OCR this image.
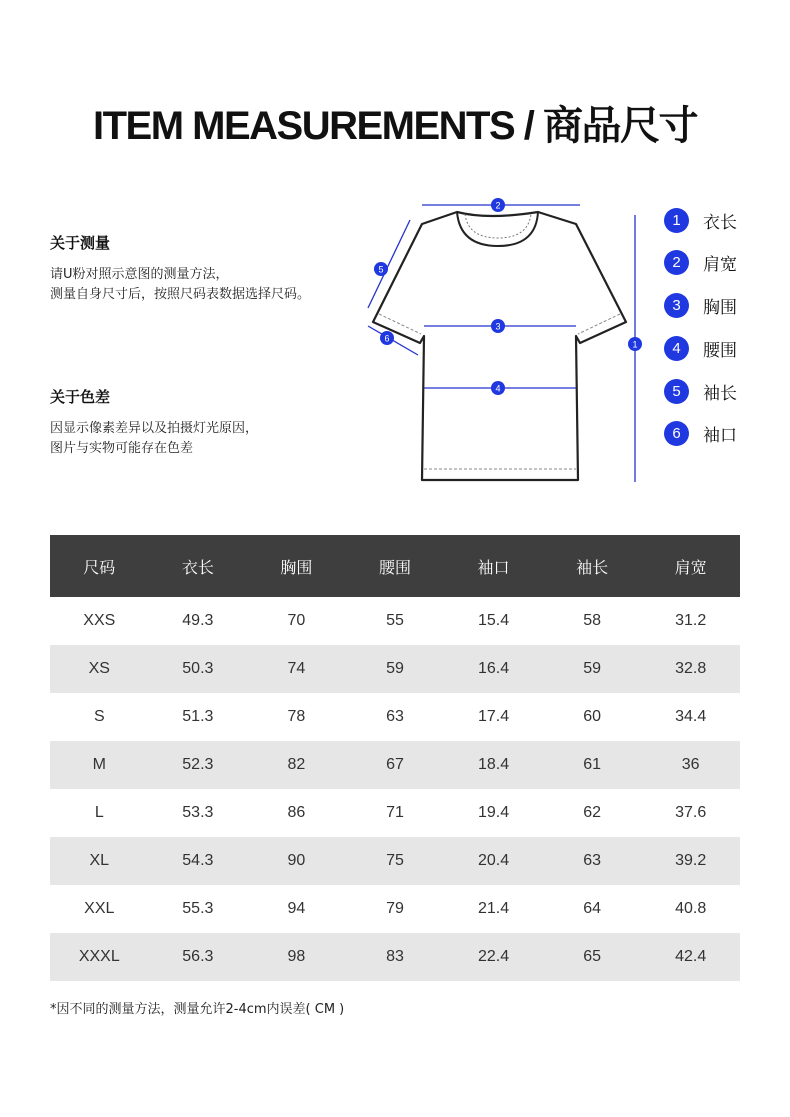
ITEM MEASUREMENTS / 商品尺寸
关于测量
请U粉对照示意图的测量方法，
测量自身尺寸后，按照尺码表数据选择尺码。
关于色差
因显示像素差异以及拍摄灯光原因，
图片与实物可能存在色差
2
3
4
1
5
6
1	衣长
2	肩宽
3	胸围
4	腰围
5	袖长
6	袖口
尺码	衣长	胸围	腰围	袖口	袖长	肩宽
XXS	49.3	70	55	15.4	58	31.2
XS	50.3	74	59	16.4	59	32.8
S	51.3	78	63	17.4	60	34.4
M	52.3	82	67	18.4	61	36
L	53.3	86	71	19.4	62	37.6
XL	54.3	90	75	20.4	63	39.2
XXL	55.3	94	79	21.4	64	40.8
XXXL	56.3	98	83	22.4	65	42.4
*因不同的测量方法，测量允许2-4cm内误差( CM )
